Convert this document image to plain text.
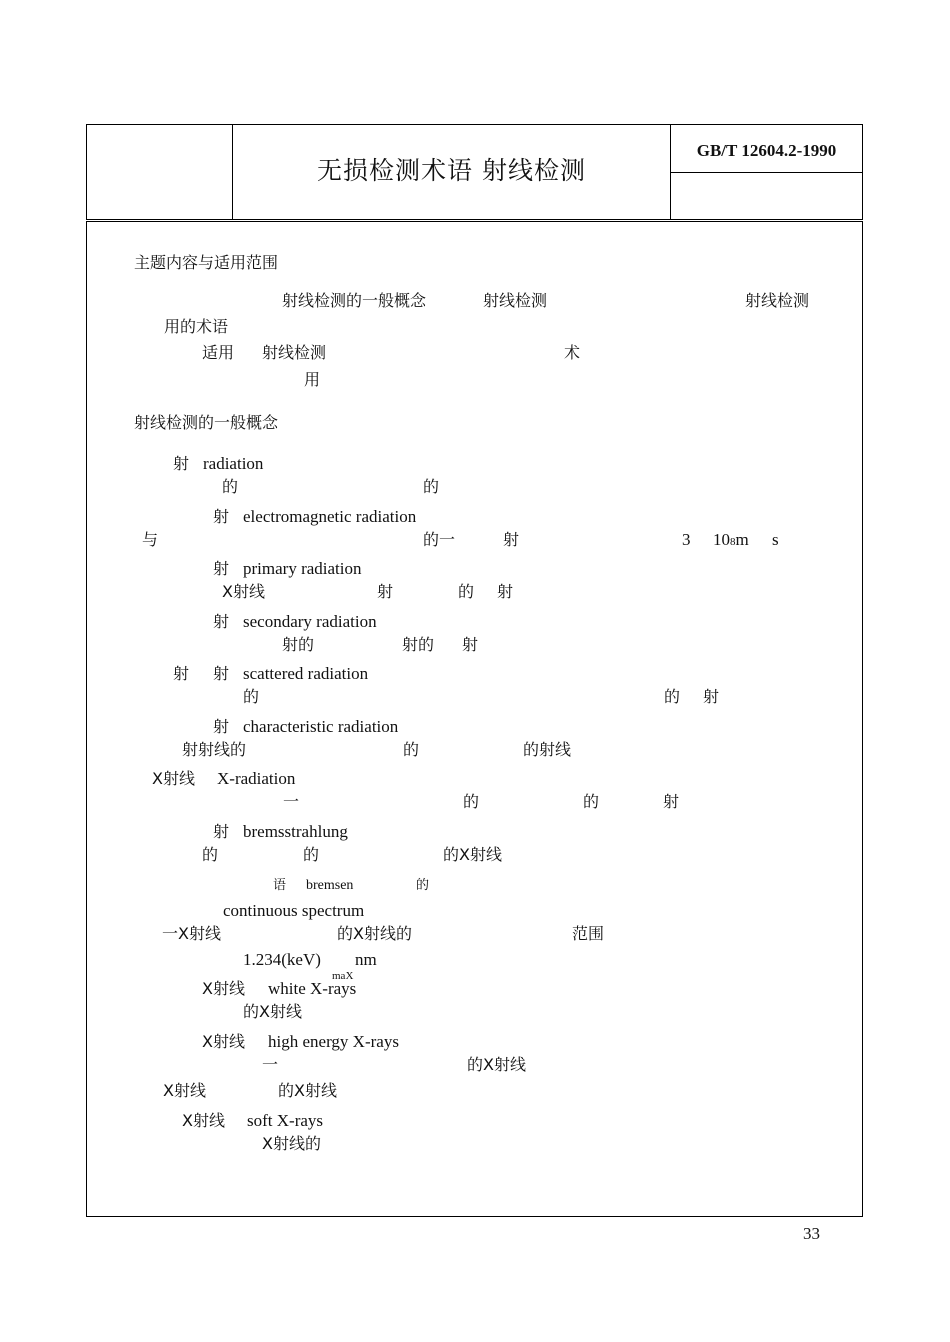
无损检测术语 射线检测
GB/T 12604.2-1990
主题内容与适用范围
射线检测的一般概念	射线检测	射线检测
用的术语
适用 射线检测	术
用
射线检测的一般概念
射 radiation
的	的
射 electromagnetic radiation
与	的一	射	3 108m s
射 primary radiation
X射线	射	的 射
射 secondary radiation
射的	射的 射
射 射 scattered radiation
的	的 射
射 characteristic radiation
射射线的	的	的射线
X射线 X-radiation
一	的	的	射
射 bremsstrahlung
的	的	的X射线
语 bremsen	的
continuous spectrum
一X射线	的X射线的	范围
1.234(keV)
maX
nm
X射线 white X-rays
的X射线
X射线 high energy X-rays
一	的X射线
X射线	的X射线
X射线 soft X-rays
X射线的
33
